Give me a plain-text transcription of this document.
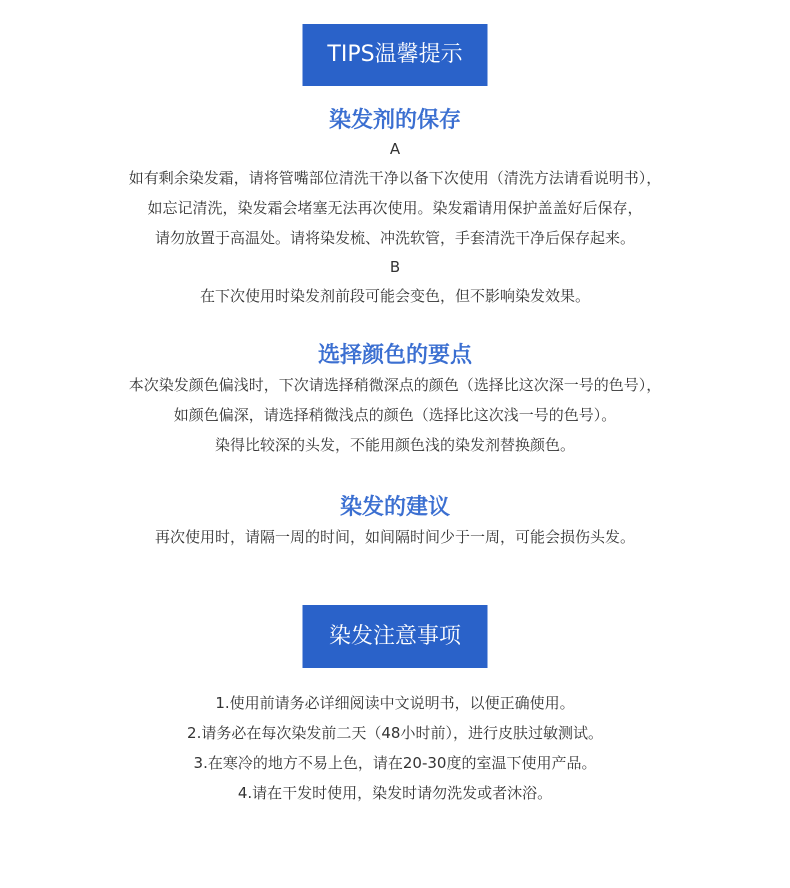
TIPS温馨提示
染发剂的保存

A

如有剩余染发霜，请将管嘴部位清洗干净以备下次使用（清洗方法请看说明书），

如忘记清洗，染发霜会堵塞无法再次使用。染发霜请用保护盖盖好后保存，

请勿放置于高温处。请将染发梳、冲洗软管，手套清洗干净后保存起来。

B

在下次使用时染发剂前段可能会变色，但不影响染发效果。

选择颜色的要点

本次染发颜色偏浅时，下次请选择稍微深点的颜色（选择比这次深一号的色号），

如颜色偏深，请选择稍微浅点的颜色（选择比这次浅一号的色号）。

染得比较深的头发，不能用颜色浅的染发剂替换颜色。

染发的建议

再次使用时，请隔一周的时间，如间隔时间少于一周，可能会损伤头发。

染发注意事项

1.使用前请务必详细阅读中文说明书，以便正确使用。

2.请务必在每次染发前二天（48小时前），进行皮肤过敏测试。

3.在寒冷的地方不易上色，请在20-30度的室温下使用产品。

4.请在干发时使用，染发时请勿洗发或者沐浴。
